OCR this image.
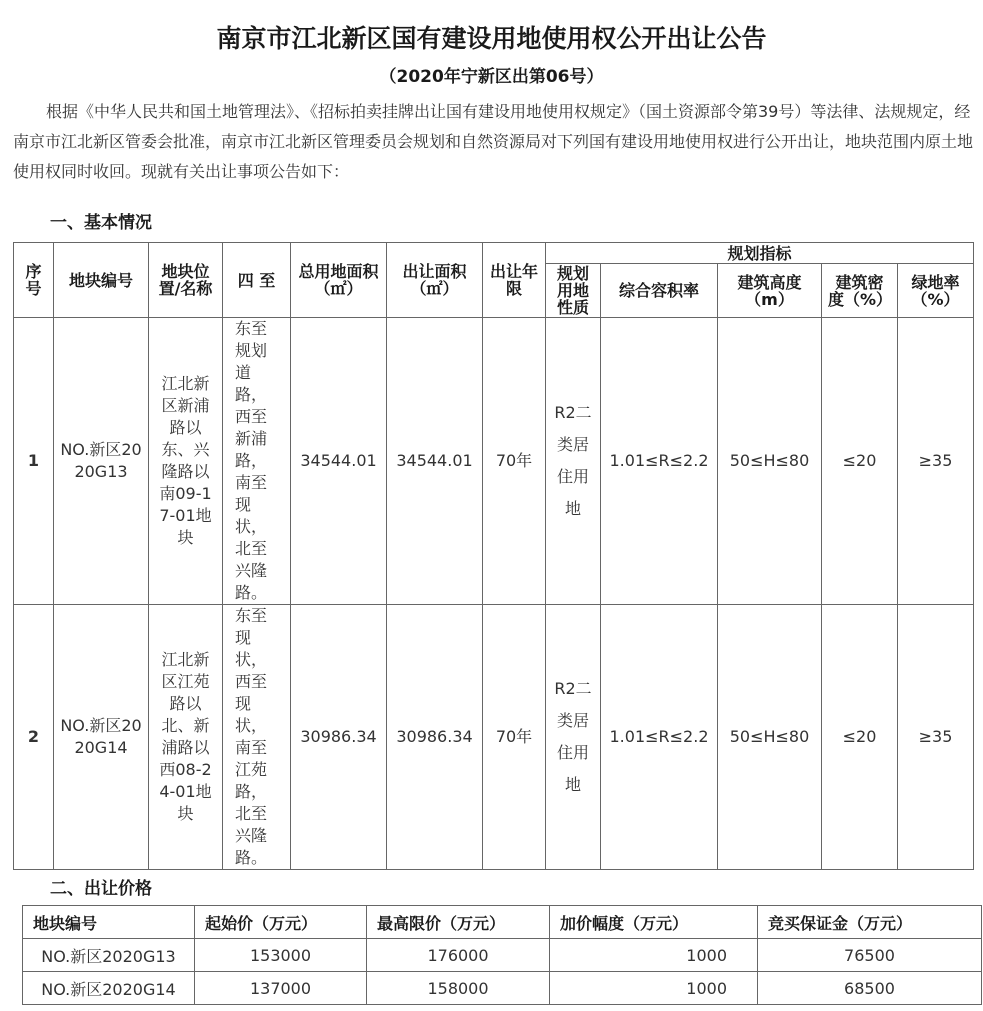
南京市江北新区国有建设用地使用权公开出让公告
（2020年宁新区出第06号）

根据《中华人民共和国土地管理法》、《招标拍卖挂牌出让国有建设用地使用权规定》（国土资源部令第39号）等法律、法规规定，经南京市江北新区管委会批准，南京市江北新区管理委员会规划和自然资源局对下列国有建设用地使用权进行公开出让，地块范围内原土地使用权同时收回。现就有关出让事项公告如下：

一、基本情况
序号	地块编号	地块位置/名称	四 至	总用地面积（㎡）	出让面积（㎡）	出让年限	规划指标				
							规划用地性质	综合容积率	建筑高度（m）	建筑密度（%）	绿地率（%）
1	NO.新区2020G13	江北新区新浦路以东、兴隆路以南09-17-01地块	东至规划道路，西至新浦路，南至现状，北至兴隆路。	34544.01	34544.01	70年	R2二类居住用地	1.01≤R≤2.2	50≤H≤80	≤20	≥35
2	NO.新区2020G14	江北新区江苑路以北、新浦路以西08-24-01地块	东至现状，西至现状，南至江苑路，北至兴隆路。	30986.34	30986.34	70年	R2二类居住用地	1.01≤R≤2.2	50≤H≤80	≤20	≥35
二、出让价格
地块编号	起始价（万元）	最高限价（万元）	加价幅度（万元）	竞买保证金（万元）
NO.新区2020G13	153000	176000	1000	76500
NO.新区2020G14	137000	158000	1000	68500
